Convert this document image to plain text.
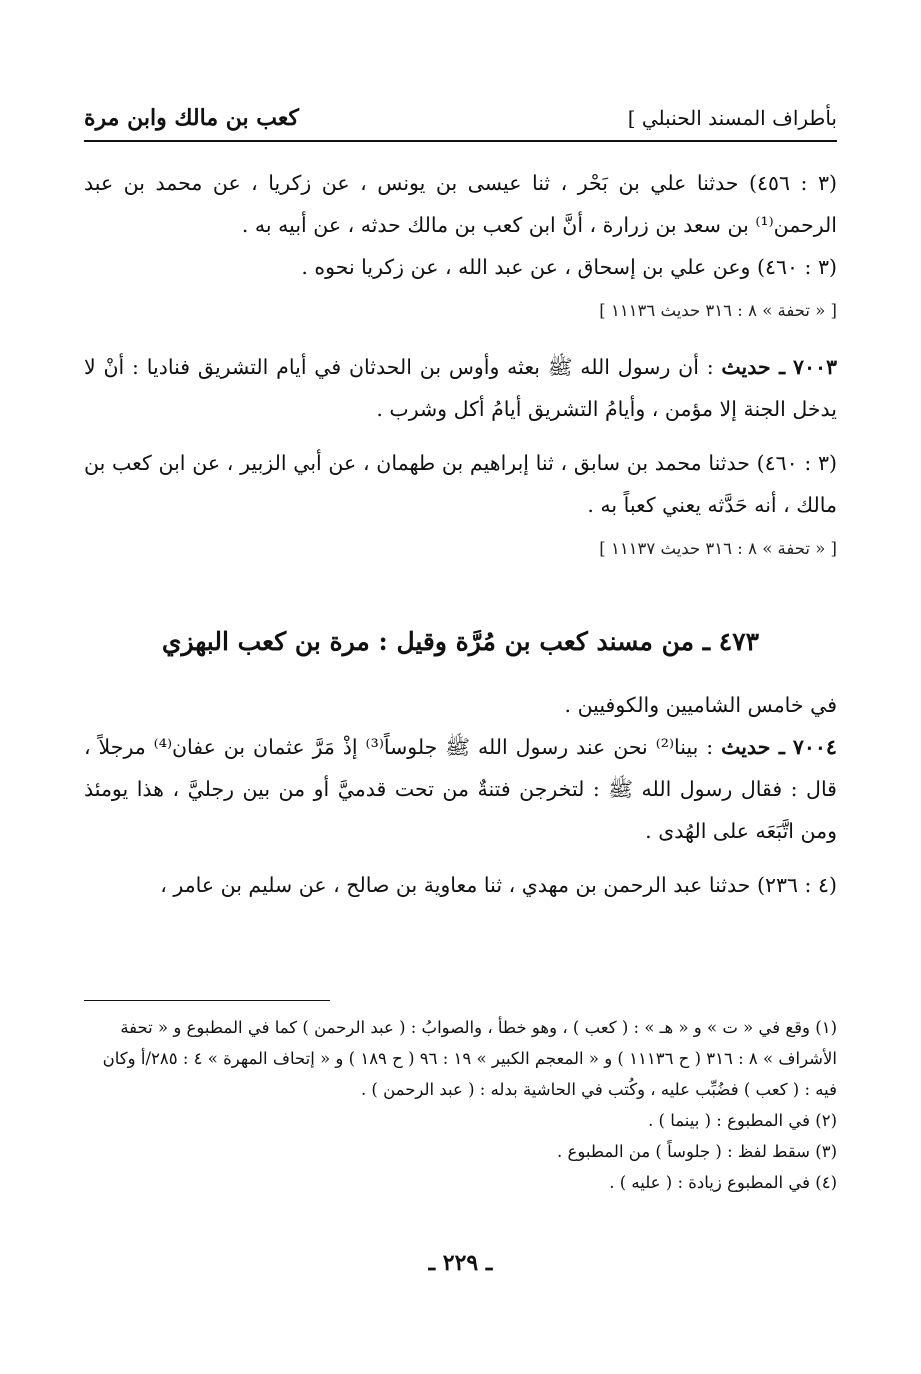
بأطراف المسند الحنبلي ]
كعب بن مالك وابن مرة

(٣ : ٤٥٦) حدثنا علي بن بَحْر ، ثنا عيسى بن يونس ، عن زكريا ، عن محمد بن عبد الرحمن⁽¹⁾ بن سعد بن زرارة ، أنَّ ابن كعب بن مالك حدثه ، عن أبيه به .

(٣ : ٤٦٠) وعن علي بن إسحاق ، عن عبد الله ، عن زكريا نحوه .

[ « تحفة » ٨ : ٣١٦ حديث ١١١٣٦ ]

٧٠٠٣ ـ حديث : أن رسول الله ﷺ بعثه وأوس بن الحدثان في أيام التشريق فناديا : أنْ لا يدخل الجنة إلا مؤمن ، وأيامُ التشريق أيامُ أكل وشرب .

(٣ : ٤٦٠) حدثنا محمد بن سابق ، ثنا إبراهيم بن طهمان ، عن أبي الزبير ، عن ابن كعب بن مالك ، أنه حَدَّثه يعني كعباً به .

[ « تحفة » ٨ : ٣١٦ حديث ١١١٣٧ ]

٤٧٣ ـ من مسند كعب بن مُرَّة وقيل : مرة بن كعب البهزي

في خامس الشاميين والكوفيين .

٧٠٠٤ ـ حديث : بينا⁽²⁾ نحن عند رسول الله ﷺ جلوساً⁽³⁾ إذْ مَرَّ عثمان بن عفان⁽⁴⁾ مرجلاً ، قال : فقال رسول الله ﷺ : لتخرجن فتنةٌ من تحت قدميَّ أو من بين رجليَّ ، هذا يومئذ ومن اتَّبَعَه على الهُدى .

(٤ : ٢٣٦) حدثنا عبد الرحمن بن مهدي ، ثنا معاوية بن صالح ، عن سليم بن عامر ،

(١) وقع في « ت » و « هـ » : ( كعب ) ، وهو خطأ ، والصوابُ : ( عبد الرحمن ) كما في المطبوع و « تحفة الأشراف » ٨ : ٣١٦ ( ح ١١١٣٦ ) و « المعجم الكبير » ١٩ : ٩٦ ( ح ١٨٩ ) و « إتحاف المهرة » ٤ : ٢٨٥/أ وكان فيه : ( كعب ) فضُبِّب عليه ، وكُتب في الحاشية بدله : ( عبد الرحمن ) .
(٢) في المطبوع : ( بينما ) .
(٣) سقط لفظ : ( جلوساً ) من المطبوع .
(٤) في المطبوع زيادة : ( عليه ) .
ـ ٢٢٩ ـ
